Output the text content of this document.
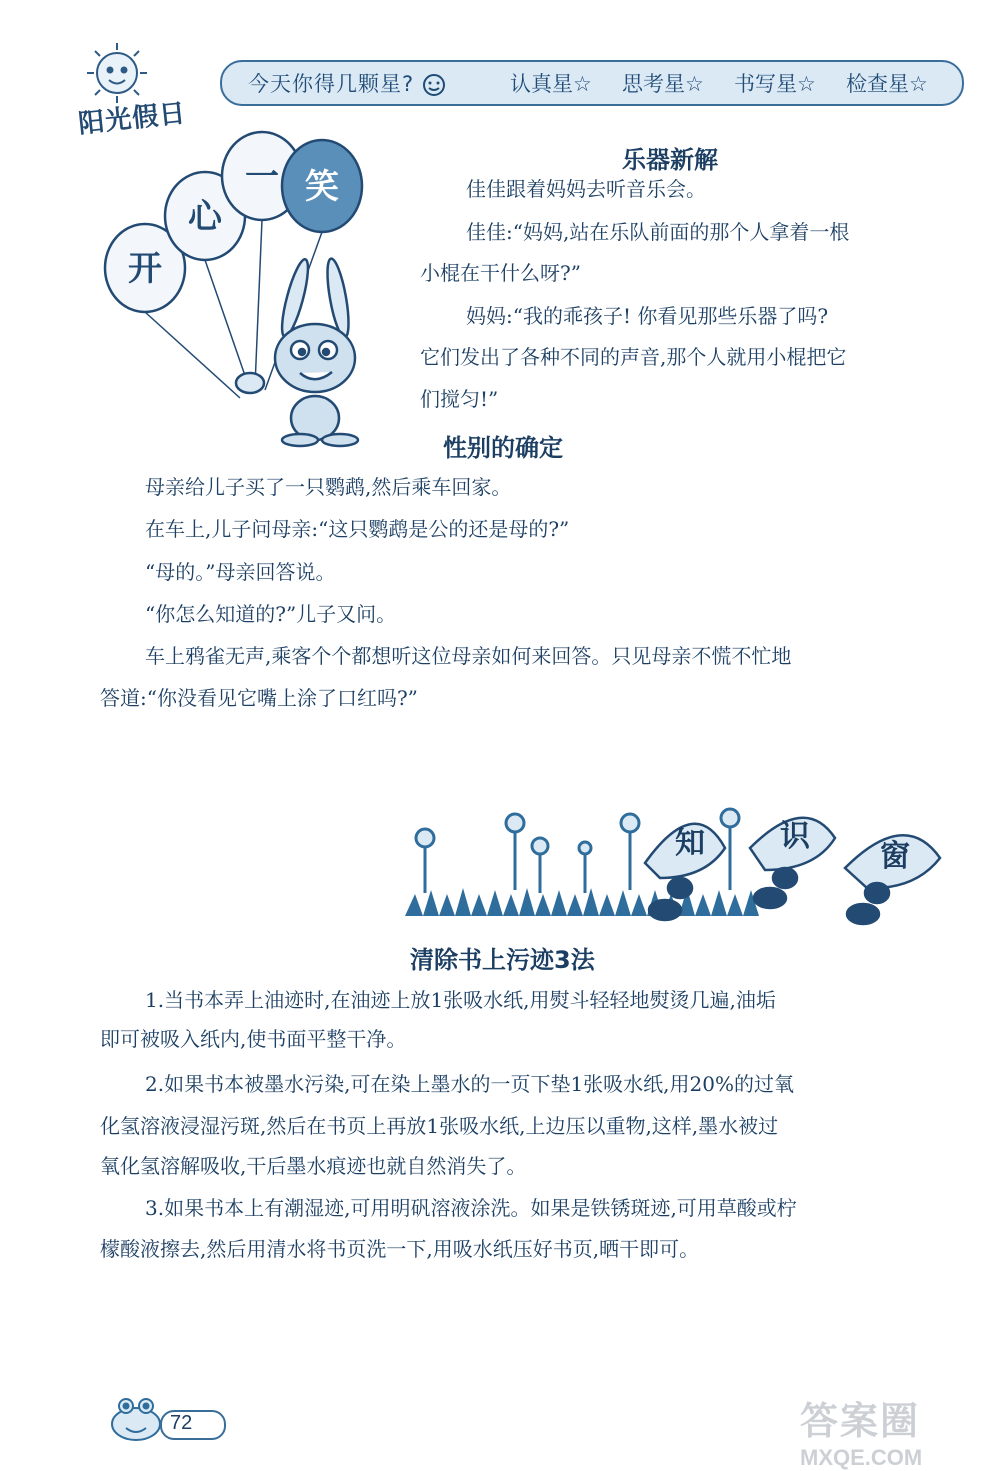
阳光假日
今天你得几颗星?	认真星☆	思考星☆	书写星☆	检查星☆
开
心
一 笑
乐器新解
佳佳跟着妈妈去听音乐会。
佳佳:“妈妈,站在乐队前面的那个人拿着一根
小棍在干什么呀?”
妈妈:“我的乖孩子! 你看见那些乐器了吗?
它们发出了各种不同的声音,那个人就用小棍把它
们搅匀!”
性别的确定
母亲给儿子买了一只鹦鹉,然后乘车回家。
在车上,儿子问母亲:“这只鹦鹉是公的还是母的?”
“母的。”母亲回答说。
“你怎么知道的?”儿子又问。
车上鸦雀无声,乘客个个都想听这位母亲如何来回答。只见母亲不慌不忙地
答道:“你没看见它嘴上涂了口红吗?”
知	识
窗
清除书上污迹3法
1.当书本弄上油迹时,在油迹上放1张吸水纸,用熨斗轻轻地熨烫几遍,油垢
即可被吸入纸内,使书面平整干净。
2.如果书本被墨水污染,可在染上墨水的一页下垫1张吸水纸,用20%的过氧
化氢溶液浸湿污斑,然后在书页上再放1张吸水纸,上边压以重物,这样,墨水被过
氧化氢溶解吸收,干后墨水痕迹也就自然消失了。
3.如果书本上有潮湿迹,可用明矾溶液涂洗。如果是铁锈斑迹,可用草酸或柠
檬酸液擦去,然后用清水将书页洗一下,用吸水纸压好书页,晒干即可。
72	答案圈
MXQE.COM
